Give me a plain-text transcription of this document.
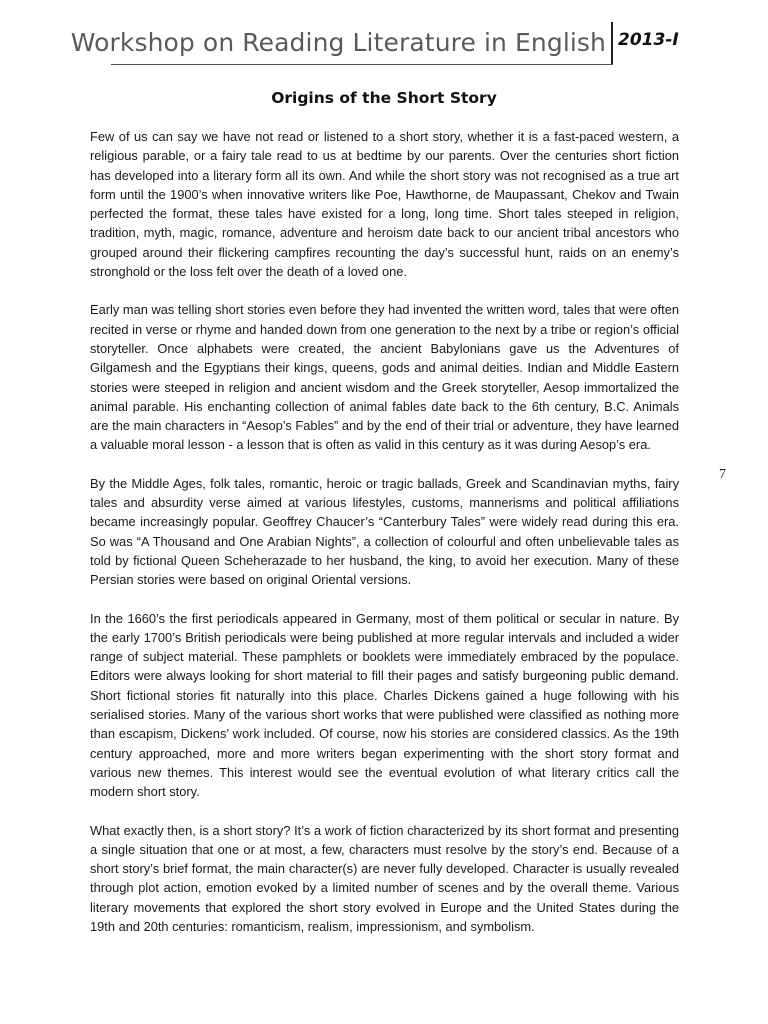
Workshop on Reading Literature in English 2013-I
Origins of the Short Story

Few of us can say we have not read or listened to a short story, whether it is a fast-paced western, a religious parable, or a fairy tale read to us at bedtime by our parents. Over the centuries short fiction has developed into a literary form all its own. And while the short story was not recognised as a true art form until the 1900’s when innovative writers like Poe, Hawthorne, de Maupassant, Chekov and Twain perfected the format, these tales have existed for a long, long time. Short tales steeped in religion, tradition, myth, magic, romance, adventure and heroism date back to our ancient tribal ancestors who grouped around their flickering campfires recounting the day’s successful hunt, raids on an enemy’s stronghold or the loss felt over the death of a loved one.

Early man was telling short stories even before they had invented the written word, tales that were often recited in verse or rhyme and handed down from one generation to the next by a tribe or region’s official storyteller. Once alphabets were created, the ancient Babylonians gave us the Adventures of Gilgamesh and the Egyptians their kings, queens, gods and animal deities. Indian and Middle Eastern stories were steeped in religion and ancient wisdom and the Greek storyteller, Aesop immortalized the animal parable. His enchanting collection of animal fables date back to the 6th century, B.C. Animals are the main characters in “Aesop’s Fables” and by the end of their trial or adventure, they have learned a valuable moral lesson - a lesson that is often as valid in this century as it was during Aesop’s era.

By the Middle Ages, folk tales, romantic, heroic or tragic ballads, Greek and Scandinavian myths, fairy tales and absurdity verse aimed at various lifestyles, customs, mannerisms and political affiliations became increasingly popular. Geoffrey Chaucer’s “Canterbury Tales” were widely read during this era. So was “A Thousand and One Arabian Nights”, a collection of colourful and often unbelievable tales as told by fictional Queen Scheherazade to her husband, the king, to avoid her execution. Many of these Persian stories were based on original Oriental versions.

In the 1660’s the first periodicals appeared in Germany, most of them political or secular in nature. By the early 1700’s British periodicals were being published at more regular intervals and included a wider range of subject material. These pamphlets or booklets were immediately embraced by the populace. Editors were always looking for short material to fill their pages and satisfy burgeoning public demand. Short fictional stories fit naturally into this place. Charles Dickens gained a huge following with his serialised stories. Many of the various short works that were published were classified as nothing more than escapism, Dickens’ work included. Of course, now his stories are considered classics. As the 19th century approached, more and more writers began experimenting with the short story format and various new themes. This interest would see the eventual evolution of what literary critics call the modern short story.

What exactly then, is a short story? It’s a work of fiction characterized by its short format and presenting a single situation that one or at most, a few, characters must resolve by the story’s end. Because of a short story’s brief format, the main character(s) are never fully developed. Character is usually revealed through plot action, emotion evoked by a limited number of scenes and by the overall theme. Various literary movements that explored the short story evolved in Europe and the United States during the 19th and 20th centuries: romanticism, realism, impressionism, and symbolism.

7
